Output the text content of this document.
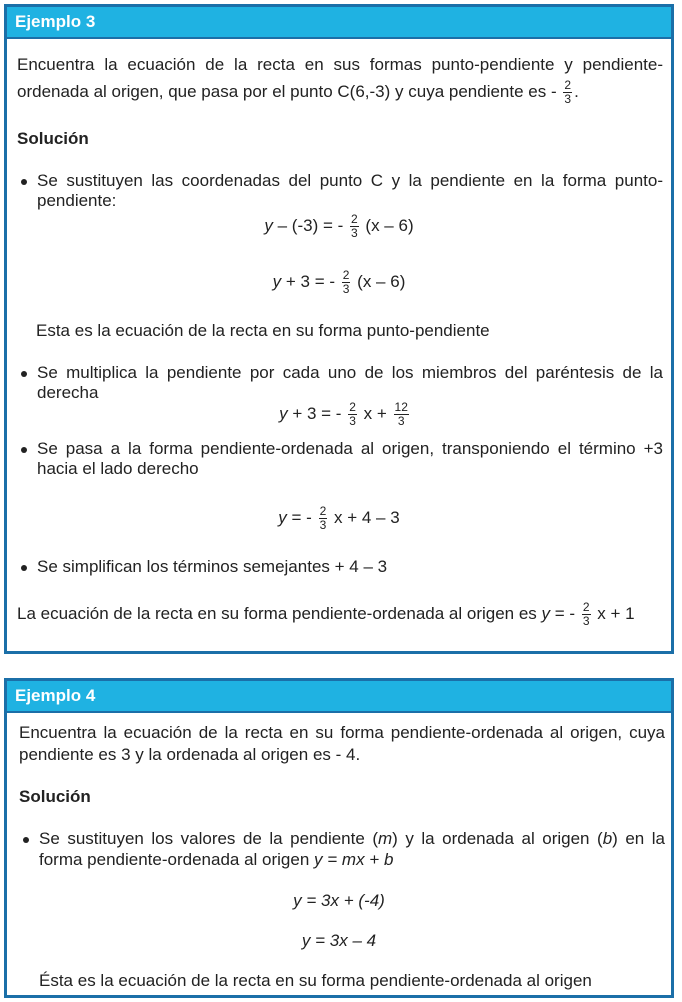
Ejemplo 3
Encuentra la ecuación de la recta en sus formas punto-pendiente y pendiente-
ordenada al origen, que pasa por el punto C(6,-3) y cuya pendiente es - $\frac{2}{3}$ .
Solución
Se sustituyen las coordenadas del punto C y la pendiente en la forma punto-
pendiente:
y – (-3) = - $\frac{2}{3} (x - 6)$
y + 3 = - $\frac{2}{3} (x - 6)$
Esta es la ecuación de la recta en su forma punto-pendiente
Se multiplica la pendiente por cada uno de los miembros del paréntesis de la
derecha
y + 3 = - $\frac{2}{3}$ $x + \frac{12}{3}$
Se pasa a la forma pendiente-ordenada al origen, transponiendo el término +3
hacia el lado derecho
y = - $\frac{2}{3}$ x + 4 – 3
Se simplifican los términos semejantes + 4 – 3
La ecuación de la recta en su forma pendiente-ordenada al origen es y = - $\frac{2}{3}$ x + 1
Ejemplo 4
Encuentra la ecuación de la recta en su forma pendiente-ordenada al origen, cuya
pendiente es 3 y la ordenada al origen es - 4.
Solución
Se sustituyen los valores de la pendiente (m) y la ordenada al origen (b) en la
forma pendiente-ordenada al origen y = mx + b
y = 3x + (-4)
y = 3x – 4
Ésta es la ecuación de la recta en su forma pendiente-ordenada al origen
